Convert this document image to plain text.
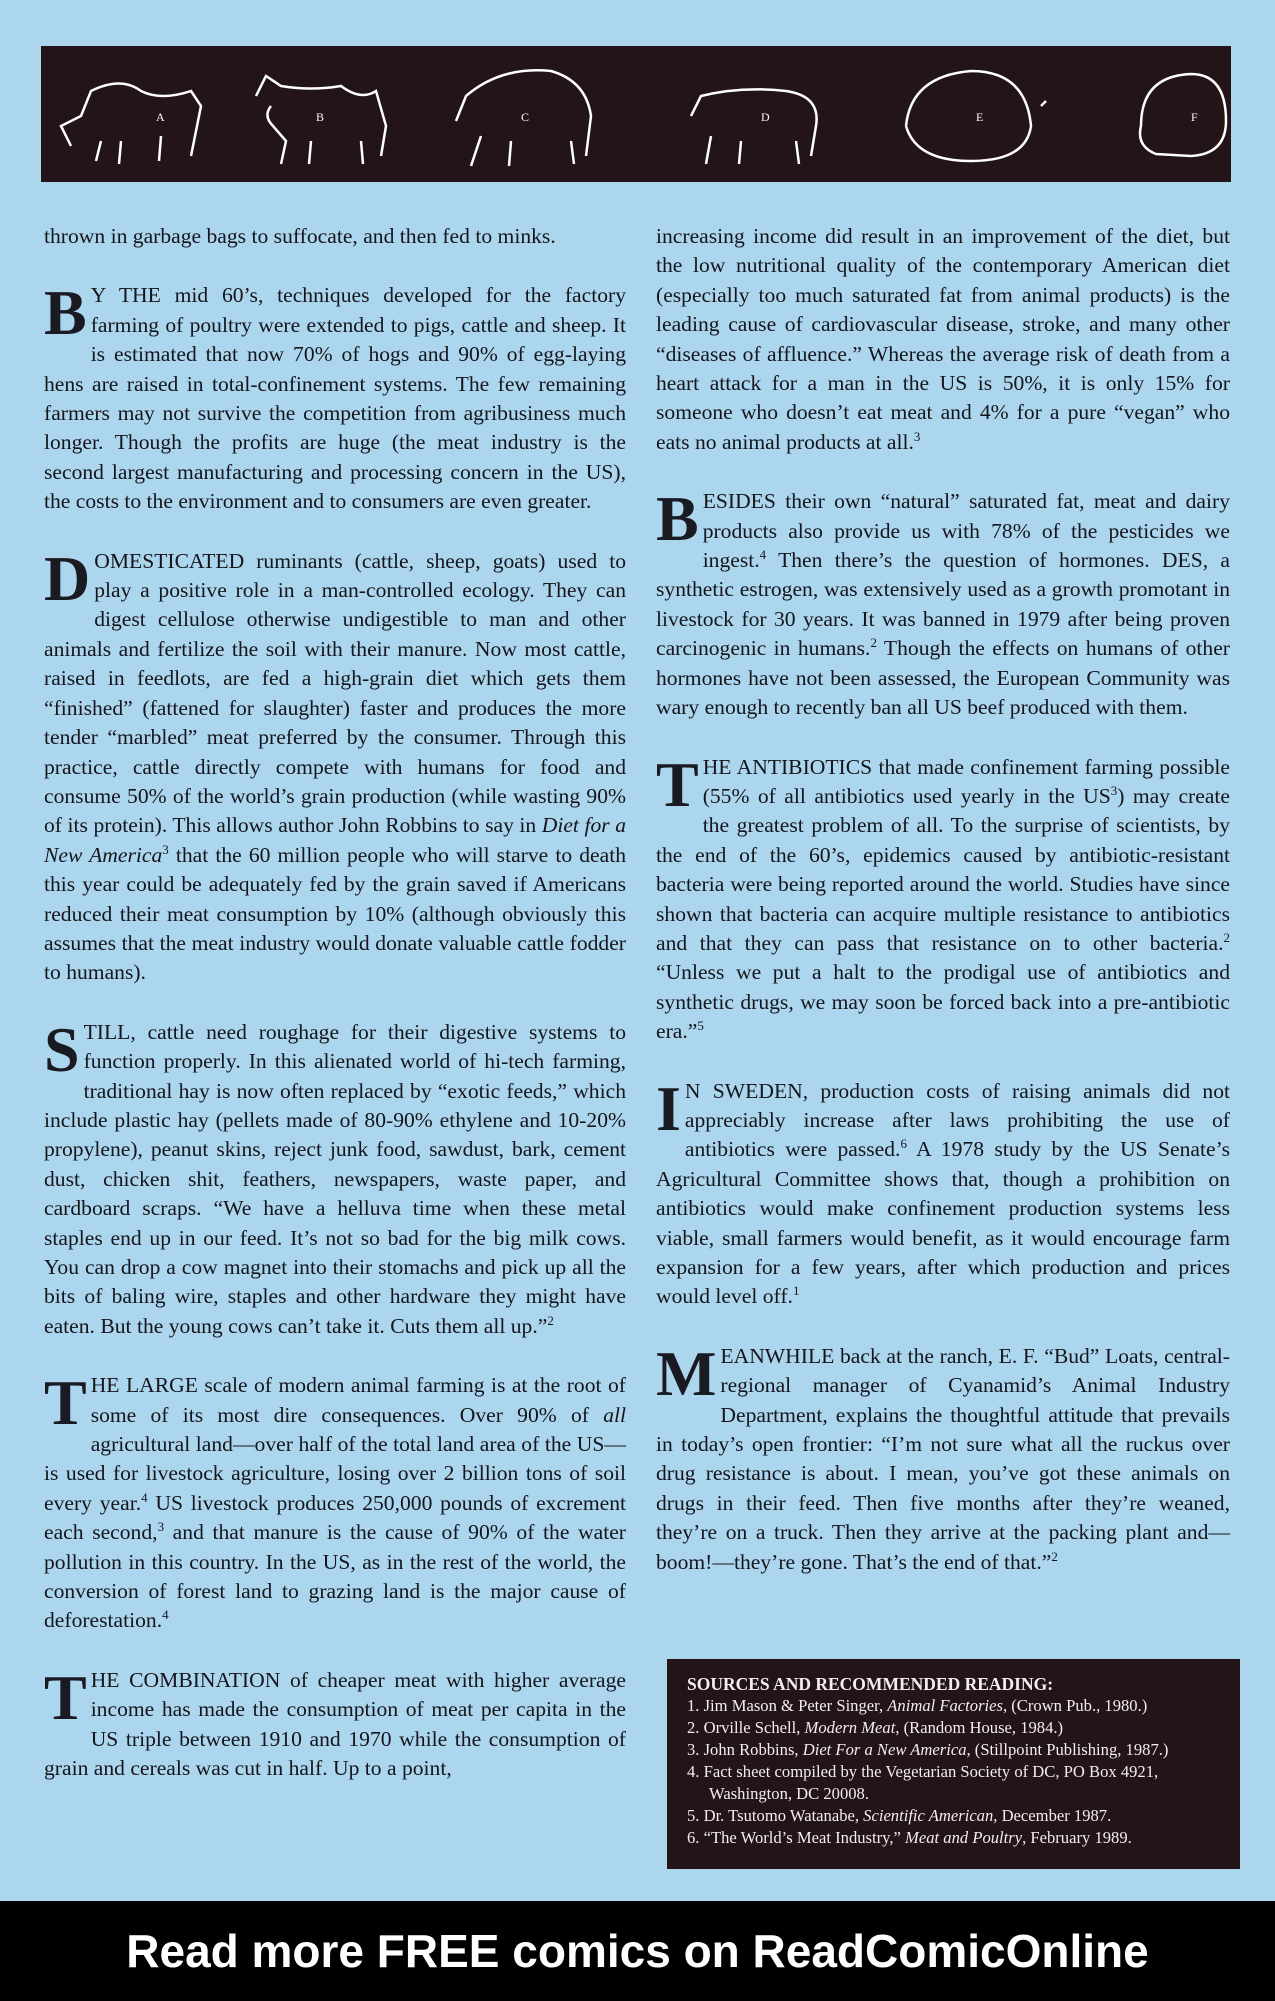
A	B	C	D	E	F

thrown in garbage bags to suffocate, and then fed to minks.

B Y THE mid 60’s, techniques developed for the factory farming of poultry were extended to pigs, cattle and sheep. It is estimated that now 70% of hogs and 90% of egg-laying hens are raised in total-confinement systems. The few remaining farmers may not survive the competition from agribusiness much longer. Though the profits are huge (the meat industry is the second largest manufacturing and processing concern in the US), the costs to the environment and to consumers are even greater.

DOMESTICATED ruminants (cattle, sheep, goats) used to play a positive role in a man-controlled ecology. They can digest cellulose otherwise undigestible to man and other animals and fertilize the soil with their manure. Now most cattle, raised in feedlots, are fed a high-grain diet which gets them “finished” (fattened for slaughter) faster and produces the more tender “marbled” meat preferred by the consumer. Through this practice, cattle directly compete with humans for food and consume 50% of the world’s grain production (while wasting 90% of its protein). This allows author John Robbins to say in Diet for a New America$^3$ that the 60 million people who will starve to death this year could be adequately fed by the grain saved if Americans reduced their meat consumption by 10% (although obviously this assumes that the meat industry would donate valuable cattle fodder to humans).

STILL, cattle need roughage for their digestive systems to function properly. In this alienated world of hi-tech farming, traditional hay is now often replaced by “exotic feeds,” which include plastic hay (pellets made of 80-90% ethylene and 10-20% propylene), peanut skins, reject junk food, sawdust, bark, cement dust, chicken shit, feathers, newspapers, waste paper, and cardboard scraps. “We have a helluva time when these metal staples end up in our feed. It’s not so bad for the big milk cows. You can drop a cow magnet into their stomachs and pick up all the bits of baling wire, staples and other hardware they might have eaten. But the young cows can’t take it. Cuts them all up.”$^2$

THE LARGE scale of modern animal farming is at the root of some of its most dire consequences. Over 90% of all agricultural land—over half of the total land area of the US—is used for livestock agriculture, losing over 2 billion tons of soil every year.$^4$ US livestock produces 250,000 pounds of excrement each second,$^3$ and that manure is the cause of 90% of the water pollution in this country. In the US, as in the rest of the world, the conversion of forest land to grazing land is the major cause of deforestation.$^4$

THE COMBINATION of cheaper meat with higher average income has made the consumption of meat per capita in the US triple between 1910 and 1970 while the consumption of grain and cereals was cut in half. Up to a point,

increasing income did result in an improvement of the diet, but the low nutritional quality of the contemporary American diet (especially too much saturated fat from animal products) is the leading cause of cardiovascular disease, stroke, and many other “diseases of affluence.” Whereas the average risk of death from a heart attack for a man in the US is 50%, it is only 15% for someone who doesn’t eat meat and 4% for a pure “vegan” who eats no animal products at all.$^3$

BESIDES their own “natural” saturated fat, meat and dairy products also provide us with 78% of the pesticides we ingest.$^4$ Then there’s the question of hormones. DES, a synthetic estrogen, was extensively used as a growth promotant in livestock for 30 years. It was banned in 1979 after being proven carcinogenic in humans.$^2$ Though the effects on humans of other hormones have not been assessed, the European Community was wary enough to recently ban all US beef produced with them.

THE ANTIBIOTICS that made confinement farming possible (55% of all antibiotics used yearly in the $US^3$) may create the greatest problem of all. To the surprise of scientists, by the end of the 60’s, epidemics caused by antibiotic-resistant bacteria were being reported around the world. Studies have since shown that bacteria can acquire multiple resistance to antibiotics and that they can pass that resistance on to other bacteria.$^2$ “Unless we put a halt to the prodigal use of antibiotics and synthetic drugs, we may soon be forced back into a pre-antibiotic era.”$^5$

I N SWEDEN, production costs of raising animals did not appreciably increase after laws prohibiting the use of antibiotics were passed.$^6$ A 1978 study by the US Senate’s Agricultural Committee shows that, though a prohibition on antibiotics would make confinement production systems less viable, small farmers would benefit, as it would encourage farm expansion for a few years, after which production and prices would level off.$^1$

MEANWHILE back at the ranch, E. F. “Bud” Loats, central-regional manager of Cyanamid’s Animal Industry Department, explains the thoughtful attitude that prevails in today’s open frontier: “I’m not sure what all the ruckus over drug resistance is about. I mean, you’ve got these animals on drugs in their feed. Then five months after they’re weaned, they’re on a truck. Then they arrive at the packing plant and—boom!—they’re gone. That’s the end of that.”$^2$

SOURCES AND RECOMMENDED READING:

1. Jim Mason & Peter Singer, Animal Factories, (Crown Pub., 1980.)

2. Orville Schell, Modern Meat, (Random House, 1984.)

3. John Robbins, Diet For a New America, (Stillpoint Publishing, 1987.)

4. Fact sheet compiled by the Vegetarian Society of DC, PO Box 4921,

Washington, DC 20008.

5. Dr. Tsutomo Watanabe, Scientific American, December 1987.

6. “The World’s Meat Industry,” Meat and Poultry, February 1989.

Read more FREE comics on ReadComicOnline
